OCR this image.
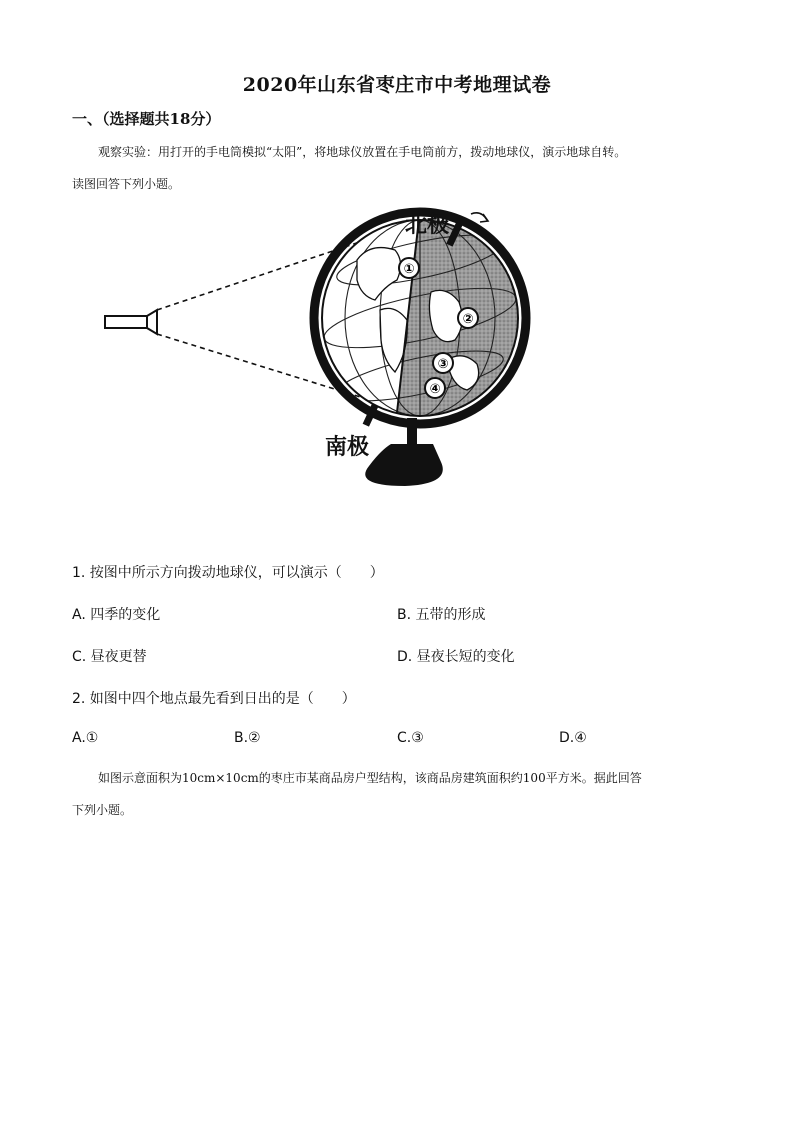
2020年山东省枣庄市中考地理试卷
一、（选择题共18分）
观察实验：用打开的手电筒模拟“太阳”，将地球仪放置在手电筒前方，拨动地球仪，演示地球自转。
读图回答下列小题。
①
②
③
④
北极
南极
1. 按图中所示方向拨动地球仪，可以演示（　　）
A. 四季的变化	B. 五带的形成
C. 昼夜更替	D. 昼夜长短的变化
2. 如图中四个地点最先看到日出的是（　　）
A.①	B.②	C.③	D.④
如图示意面积为10cm×10cm的枣庄市某商品房户型结构，该商品房建筑面积约100平方米。据此回答
下列小题。
